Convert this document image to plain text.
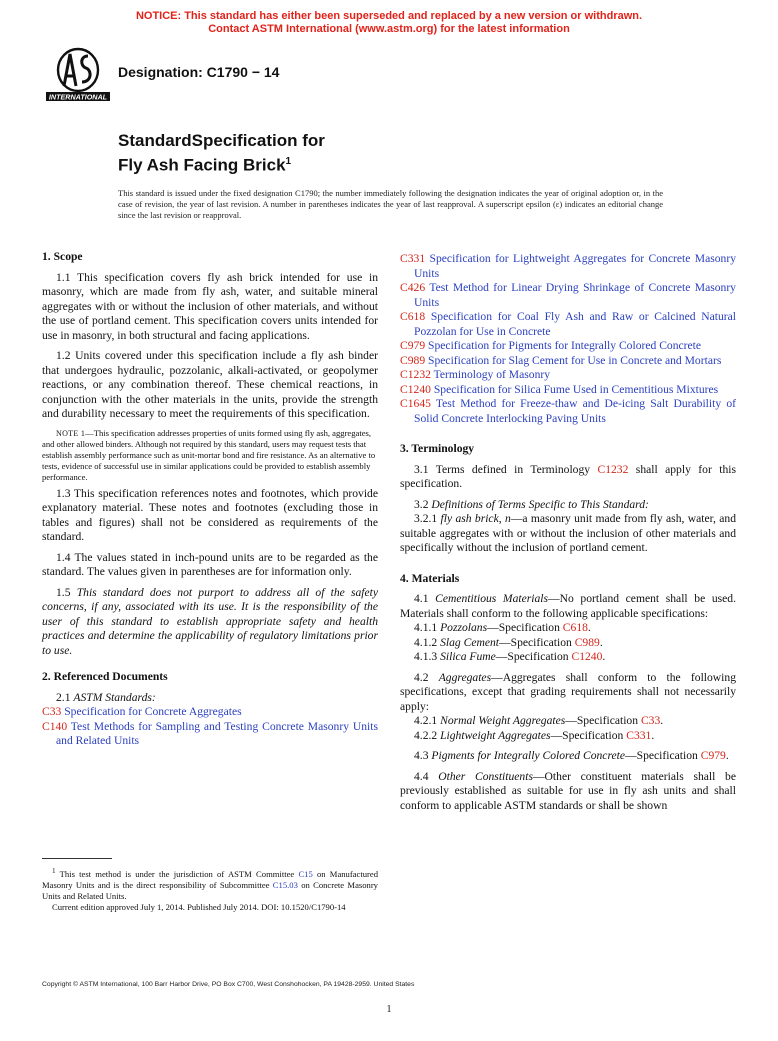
NOTICE: This standard has either been superseded and replaced by a new version or withdrawn.
Contact ASTM International (www.astm.org) for the latest information
INTERNATIONAL
Designation: C1790 − 14
StandardSpecification for
Fly Ash Facing Brick$^1$
This standard is issued under the fixed designation C1790; the number immediately following the designation indicates the year of original adoption or, in the case of revision, the year of last revision. A number in parentheses indicates the year of last reapproval. A superscript epsilon (ε) indicates an editorial change since the last revision or reapproval.
1. Scope

1.1 This specification covers fly ash brick intended for use in masonry, which are made from fly ash, water, and suitable mineral aggregates with or without the inclusion of other materials, and without the use of portland cement. This specification covers units intended for use in masonry, in both structural and facing applications.

1.2 Units covered under this specification include a fly ash binder that undergoes hydraulic, pozzolanic, alkali-activated, or geopolymer reactions, or any combination thereof. These chemical reactions, in conjunction with the other materials in the units, provide the strength and durability necessary to meet the requirements of this specification.

NOTE 1—This specification addresses properties of units formed using fly ash, aggregates, and other allowed binders. Although not required by this standard, users may request tests that establish assembly performance such as unit-mortar bond and fire resistance. As an alternative to tests, evidence of successful use in similar applications could be provided to establish assembly performance.

1.3 This specification references notes and footnotes, which provide explanatory material. These notes and footnotes (excluding those in tables and figures) shall not be considered as requirements of the standard.

1.4 The values stated in inch-pound units are to be regarded as the standard. The values given in parentheses are for information only.

1.5 This standard does not purport to address all of the safety concerns, if any, associated with its use. It is the responsibility of the user of this standard to establish appropriate safety and health practices and determine the applicability of regulatory limitations prior to use.

2. Referenced Documents

2.1 ASTM Standards:

C33 Specification for Concrete Aggregates
C140 Test Methods for Sampling and Testing Concrete Masonry Units and Related Units

$^1$ This test method is under the jurisdiction of ASTM Committee C15 on Manufactured Masonry Units and is the direct responsibility of Subcommittee C15.03 on Concrete Masonry Units and Related Units.

Current edition approved July 1, 2014. Published July 2014. DOI: 10.1520/C1790-14

C331 Specification for Lightweight Aggregates for Concrete Masonry Units
C426 Test Method for Linear Drying Shrinkage of Concrete Masonry Units
C618 Specification for Coal Fly Ash and Raw or Calcined Natural Pozzolan for Use in Concrete
C979 Specification for Pigments for Integrally Colored Concrete
C989 Specification for Slag Cement for Use in Concrete and Mortars
C1232 Terminology of Masonry
C1240 Specification for Silica Fume Used in Cementitious Mixtures
C1645 Test Method for Freeze-thaw and De-icing Salt Durability of Solid Concrete Interlocking Paving Units
3. Terminology

3.1 Terms defined in Terminology C1232 shall apply for this specification.

3.2 Definitions of Terms Specific to This Standard:

3.2.1 fly ash brick, n—a masonry unit made from fly ash, water, and suitable aggregates with or without the inclusion of other materials and specifically without the inclusion of portland cement.

4. Materials

4.1 Cementitious Materials—No portland cement shall be used. Materials shall conform to the following applicable specifications:

4.1.1 Pozzolans—Specification C618.

4.1.2 Slag Cement—Specification C989.

4.1.3 Silica Fume—Specification C1240.

4.2 Aggregates—Aggregates shall conform to the following specifications, except that grading requirements shall not necessarily apply:

4.2.1 Normal Weight Aggregates—Specification C33.

4.2.2 Lightweight Aggregates—Specification C331.

4.3 Pigments for Integrally Colored Concrete—Specification C979.

4.4 Other Constituents—Other constituent materials shall be previously established as suitable for use in fly ash units and shall conform to applicable ASTM standards or shall be shown

Copyright © ASTM International, 100 Barr Harbor Drive, PO Box C700, West Conshohocken, PA 19428-2959. United States
1
